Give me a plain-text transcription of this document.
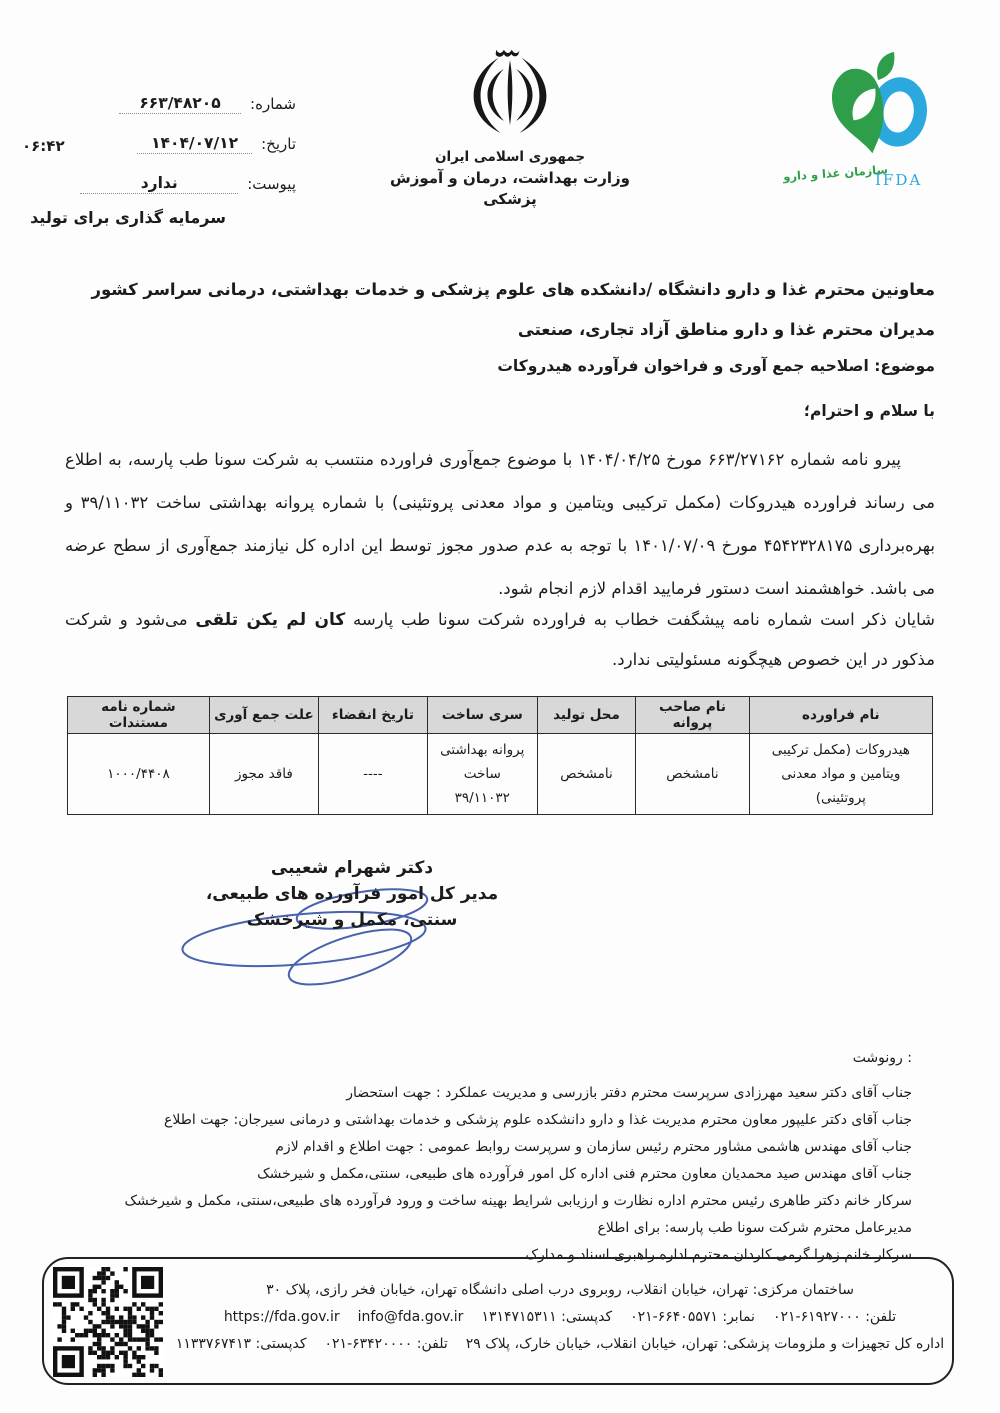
شماره:
۶۶۳/۴۸۲۰۵
تاریخ:
۱۴۰۴/۰۷/۱۲
۰۶:۴۲
پیوست:
ندارد
سرمایه گذاری برای تولید
جمهوری اسلامی ایران
وزارت بهداشت، درمان و آموزش پزشکی
سازمان غذا و دارو
IFDA
معاونین محترم غذا و دارو دانشگاه /دانشکده های علوم پزشکی و خدمات بهداشتی، درمانی سراسر کشور
مدیران محترم غذا و دارو مناطق آزاد تجاری، صنعتی
موضوع: اصلاحیه جمع آوری و فراخوان فرآورده هیدروکات
با سلام و احترام؛
پیرو نامه شماره ۶۶۳/۲۷۱۶۲ مورخ ۱۴۰۴/۰۴/۲۵ با موضوع جمع‌آوری فراورده منتسب به شرکت سونا طب پارسه، به اطلاع می رساند فراورده هیدروکات (مکمل ترکیبی ویتامین و مواد معدنی پروتئینی) با شماره پروانه بهداشتی ساخت ۳۹/۱۱۰۳۲ و بهره‌برداری ۴۵۴۲۳۲۸۱۷۵ مورخ ۱۴۰۱/۰۷/۰۹ با توجه به عدم صدور مجوز توسط این اداره کل نیازمند جمع‌آوری از سطح عرضه می باشد. خواهشمند است دستور فرمایید اقدام لازم انجام شود.
شایان ذکر است شماره نامه پیشگفت خطاب به فراورده شرکت سونا طب پارسه کان لم یکن تلقی می‌شود و شرکت مذکور در این خصوص هیچگونه مسئولیتی ندارد.
نام فراورده	نام صاحب پروانه	محل تولید	سری ساخت	تاریخ انقضاء	علت جمع آوری	شماره نامه مستندات
هیدروکات (مکمل ترکیبی ویتامین و مواد معدنی پروتئینی)	نامشخص	نامشخص	پروانه بهداشتی ساخت ۳۹/۱۱۰۳۲	----	فاقد مجوز	۱۰۰۰/۴۴۰۸
دکتر شهرام شعیبی
مدیر کل امور فرآورده های طبیعی،
سنتی، مکمل و شیرخشک
رونوشت :
جناب آقای دکتر سعید مهرزادی سرپرست محترم دفتر بازرسی و مدیریت عملکرد : جهت استحضار
جناب آقای دکتر علیپور معاون محترم مدیریت غذا و دارو دانشکده علوم پزشکی و خدمات بهداشتی و درمانی سیرجان: جهت اطلاع
جناب آقای مهندس هاشمی مشاور محترم رئیس سازمان و سرپرست روابط عمومی : جهت اطلاع و اقدام لازم
جناب آقای مهندس صید محمدیان معاون محترم فنی اداره کل امور فرآورده های طبیعی، سنتی،مکمل و شیرخشک
سرکار خانم دکتر طاهری رئیس محترم اداره نظارت و ارزیابی شرایط بهینه ساخت و ورود فرآورده های طبیعی،سنتی، مکمل و شیرخشک
مدیرعامل محترم شرکت سونا طب پارسه: برای اطلاع
سرکار خانم زهرا گرمی کاردان محترم اداره راهبری اسناد و مدارک
ساختمان مرکزی: تهران، خیابان انقلاب، روبروی درب اصلی دانشگاه تهران، خیابان فخر رازی، پلاک ۳۰
تلفن: ۰۲۱-۶۱۹۲۷۰۰۰
نمابر: ۰۲۱-۶۶۴۰۵۵۷۱
کدپستی: ۱۳۱۴۷۱۵۳۱۱
info@fda.gov.ir
https://fda.gov.ir
اداره کل تجهیزات و ملزومات پزشکی: تهران، خیابان انقلاب، خیابان خارک، پلاک ۲۹
تلفن: ۰۲۱-۶۳۴۲۰۰۰۰
کدپستی: ۱۱۳۳۷۶۷۴۱۳
